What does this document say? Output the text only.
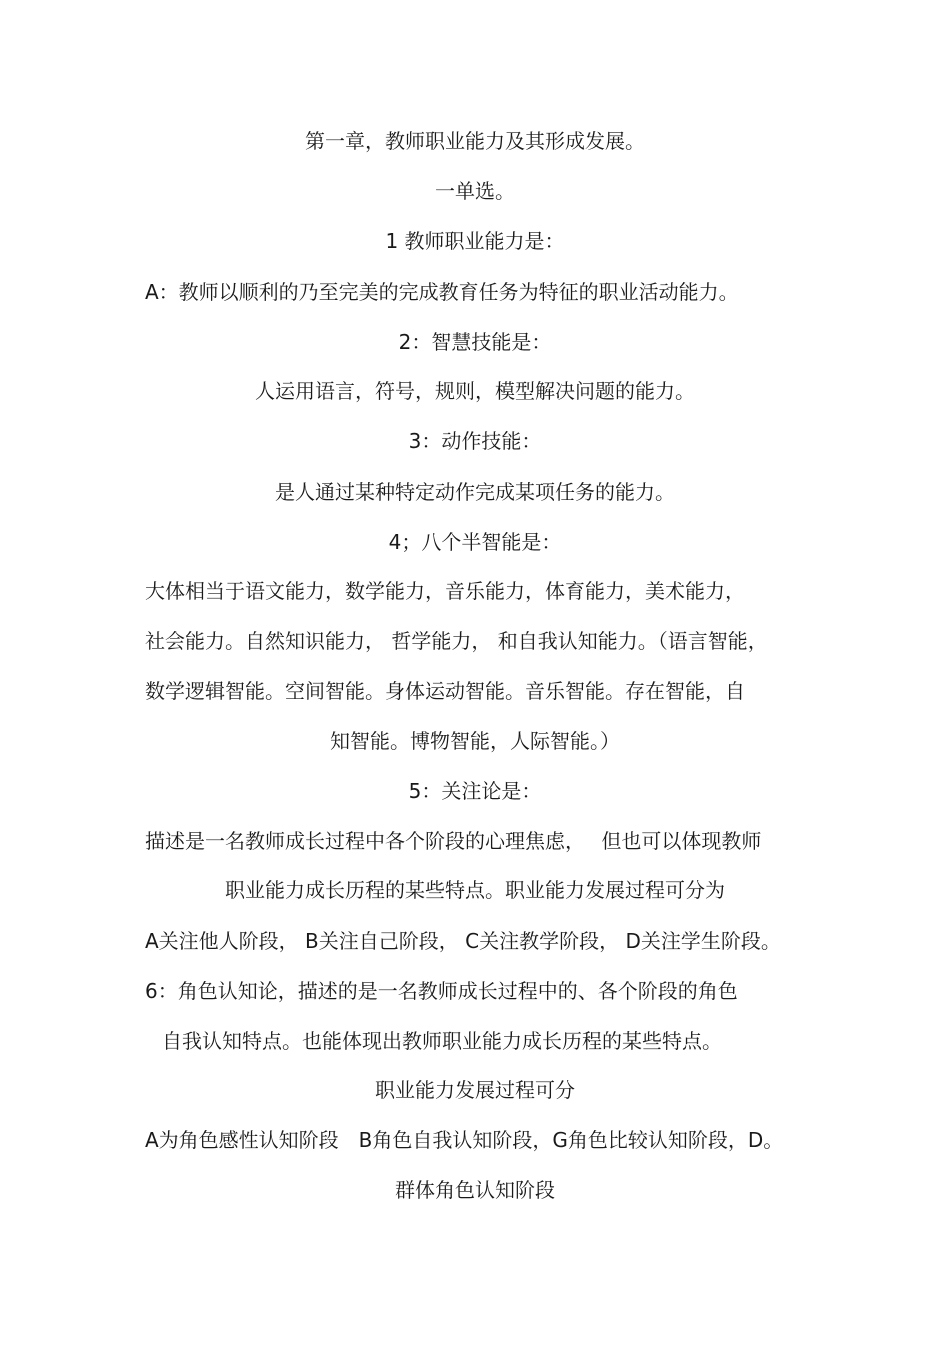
第一章，教师职业能力及其形成发展。
一单选。
1 教师职业能力是：
A：教师以顺利的乃至完美的完成教育任务为特征的职业活动能力。
2：智慧技能是：
人运用语言，符号，规则，模型解决问题的能力。
3：动作技能：
是人通过某种特定动作完成某项任务的能力。
4；八个半智能是：
大体相当于语文能力，数学能力，音乐能力，体育能力，美术能力，
社会能力。自然知识能力， 哲学能力， 和自我认知能力。（语言智能，
数学逻辑智能。空间智能。身体运动智能。音乐智能。存在智能，自
知智能。博物智能，人际智能。）
5：关注论是：
描述是一名教师成长过程中各个阶段的心理焦虑，　 但也可以体现教师
职业能力成长历程的某些特点。职业能力发展过程可分为
A关注他人阶段， B关注自己阶段， C关注教学阶段， D关注学生阶段。
6：角色认知论，描述的是一名教师成长过程中的、各个阶段的角色
自我认知特点。也能体现出教师职业能力成长历程的某些特点。
职业能力发展过程可分
A为角色感性认知阶段　B角色自我认知阶段，G角色比较认知阶段，D。
群体角色认知阶段
